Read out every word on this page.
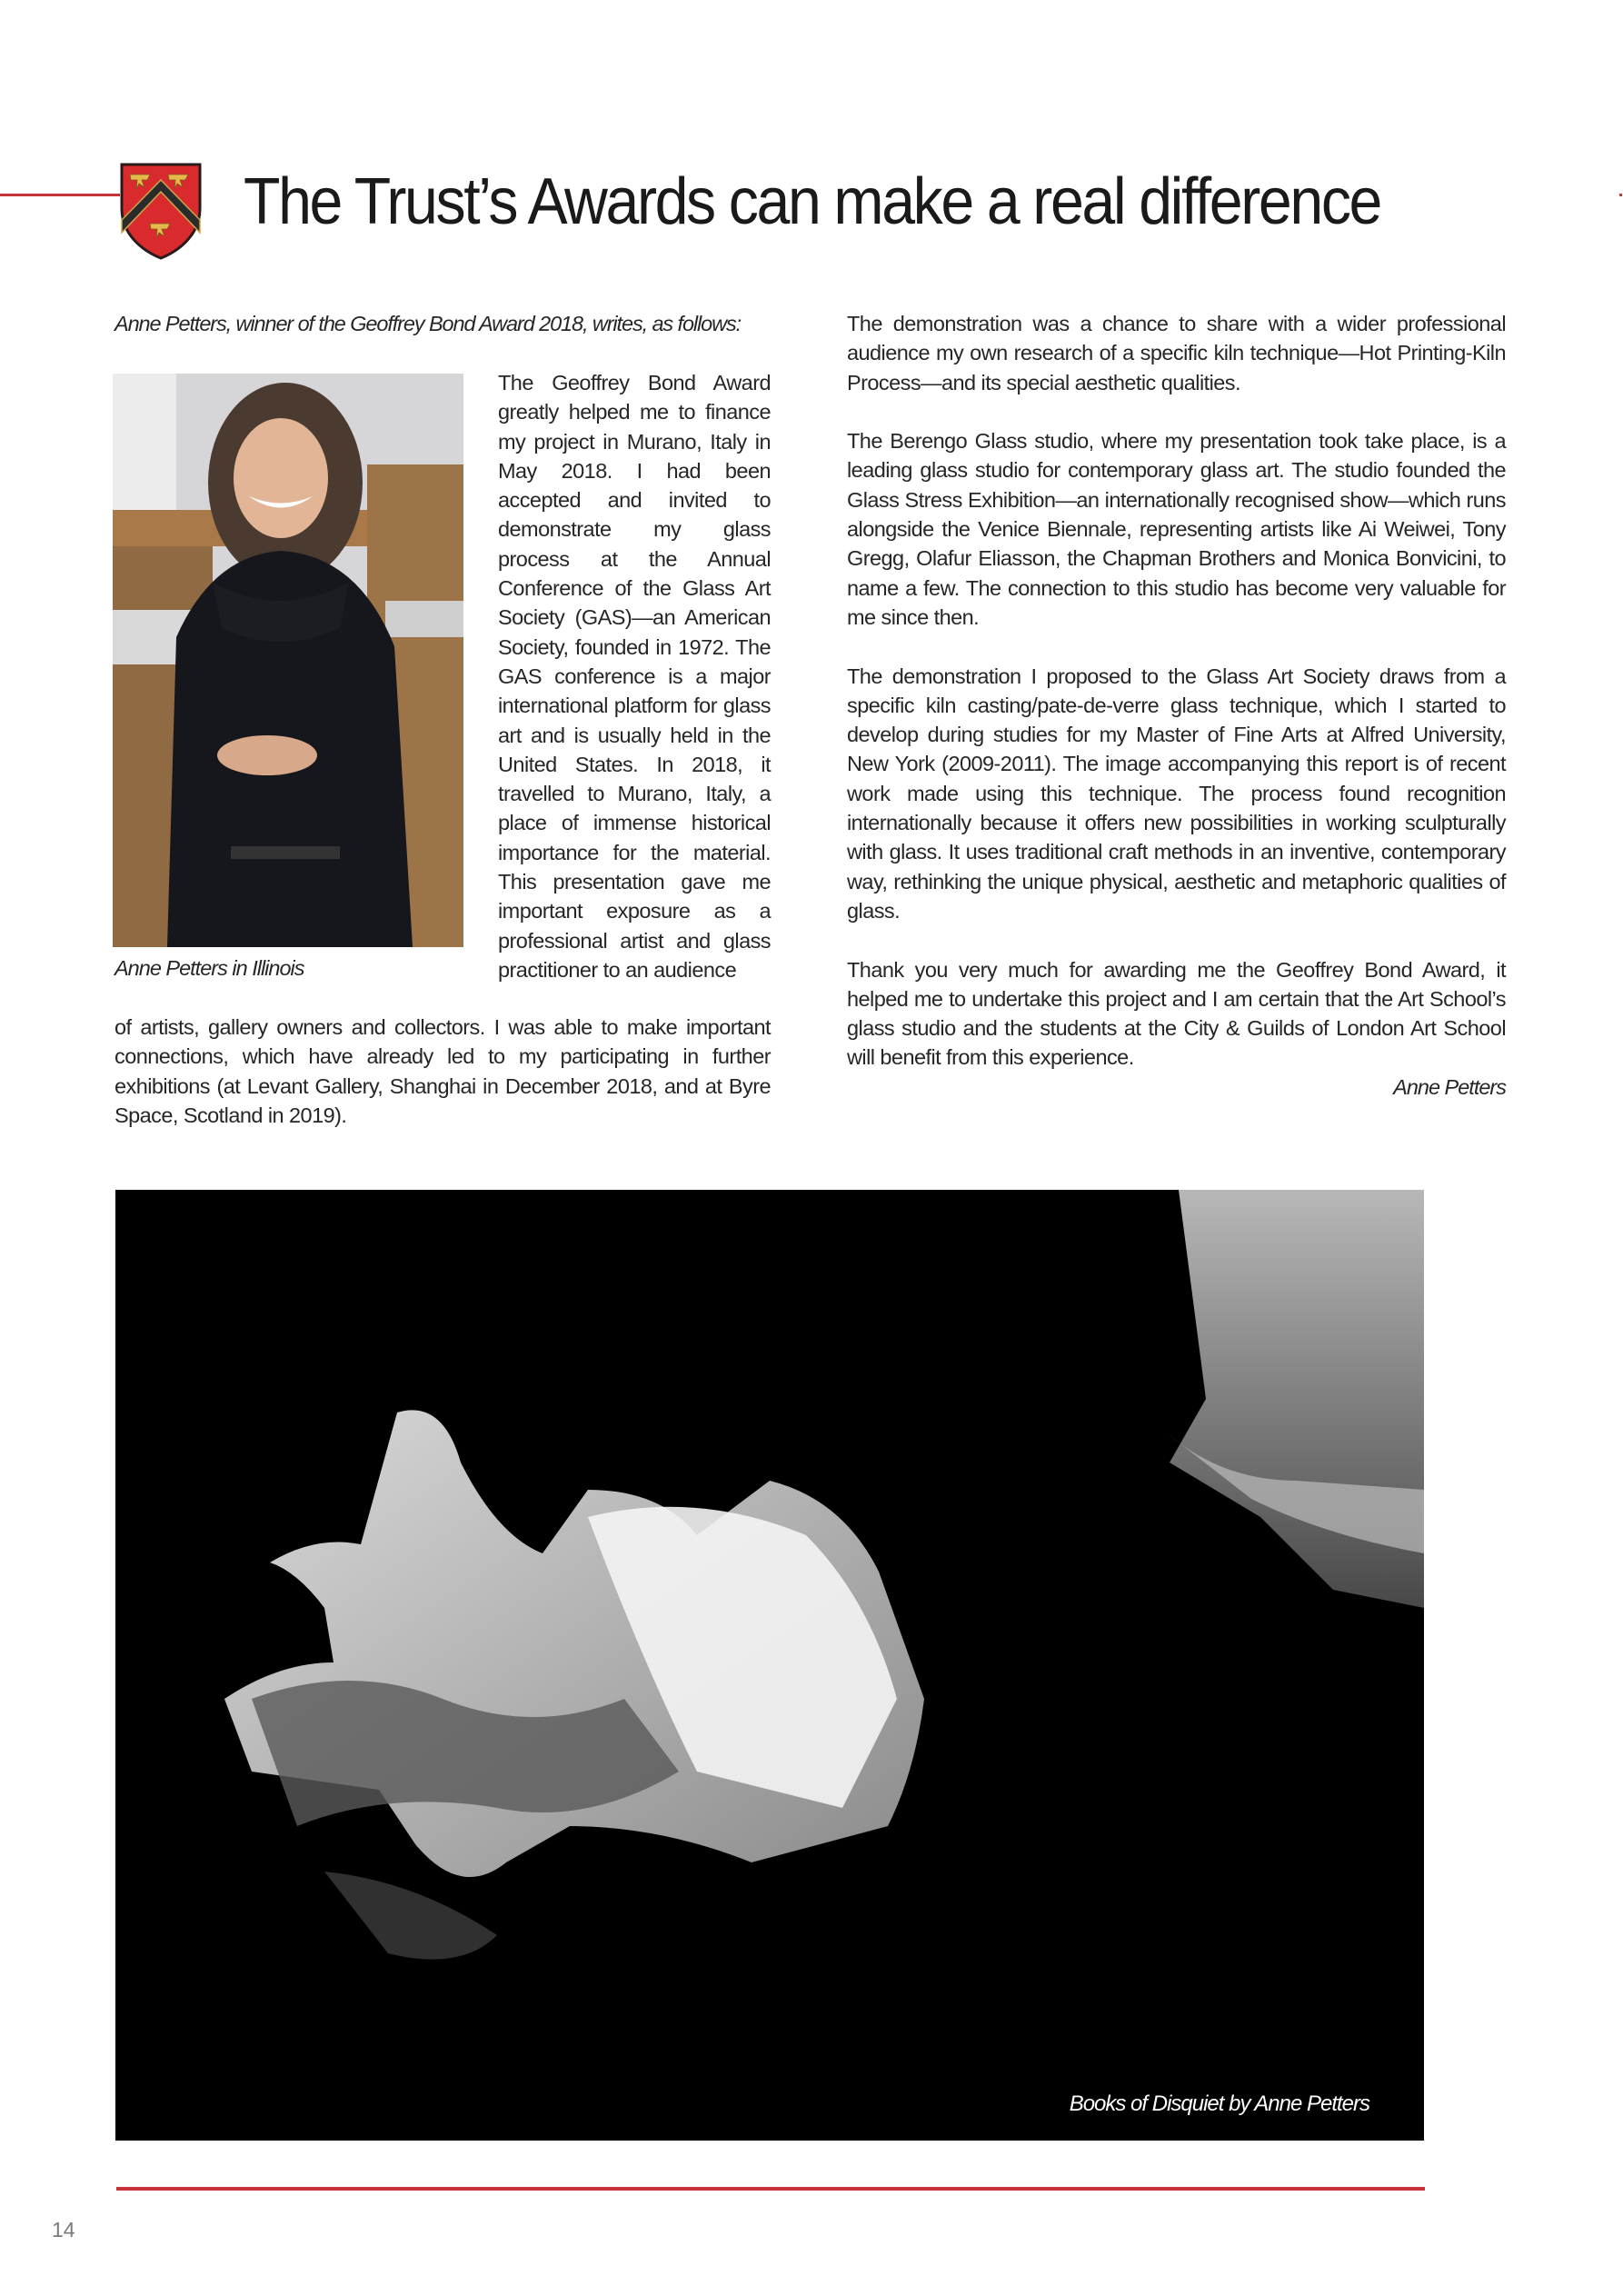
The Trust’s Awards can make a real difference

Anne Petters, winner of the Geoffrey Bond Award 2018, writes, as follows:

Anne Petters in Illinois

The Geoffrey Bond Award greatly helped me to finance my project in Murano, Italy in May 2018. I had been accepted and invited to demonstrate my glass process at the Annual Conference of the Glass Art Society (GAS)—an American Society, founded in 1972. The GAS conference is a major international platform for glass art and is usually held in the United States. In 2018, it travelled to Murano, Italy, a place of immense historical importance for the material. This presentation gave me important exposure as a professional artist and glass practitioner to an audience

of artists, gallery owners and collectors. I was able to make important connections, which have already led to my participating in further exhibitions (at Levant Gallery, Shanghai in December 2018, and at Byre Space, Scotland in 2019).

The demonstration was a chance to share with a wider professional audience my own research of a specific kiln technique—Hot Printing-Kiln Process—and its special aesthetic qualities.

The Berengo Glass studio, where my presentation took take place, is a leading glass studio for contemporary glass art. The studio founded the Glass Stress Exhibition—an internationally recognised show—which runs alongside the Venice Biennale, representing artists like Ai Weiwei, Tony Gregg, Olafur Eliasson, the Chapman Brothers and Monica Bonvicini, to name a few. The connection to this studio has become very valuable for me since then.

The demonstration I proposed to the Glass Art Society draws from a specific kiln casting/pate-de-verre glass technique, which I started to develop during studies for my Master of Fine Arts at Alfred University, New York (2009-2011). The image accompanying this report is of recent work made using this technique. The process found recognition internationally because it offers new possibilities in working sculpturally with glass. It uses traditional craft methods in an inventive, contemporary way, rethinking the unique physical, aesthetic and metaphoric qualities of glass.

Thank you very much for awarding me the Geoffrey Bond Award, it helped me to undertake this project and I am certain that the Art School’s glass studio and the students at the City & Guilds of London Art School will benefit from this experience.

Anne Petters

Books of Disquiet by Anne Petters
14
